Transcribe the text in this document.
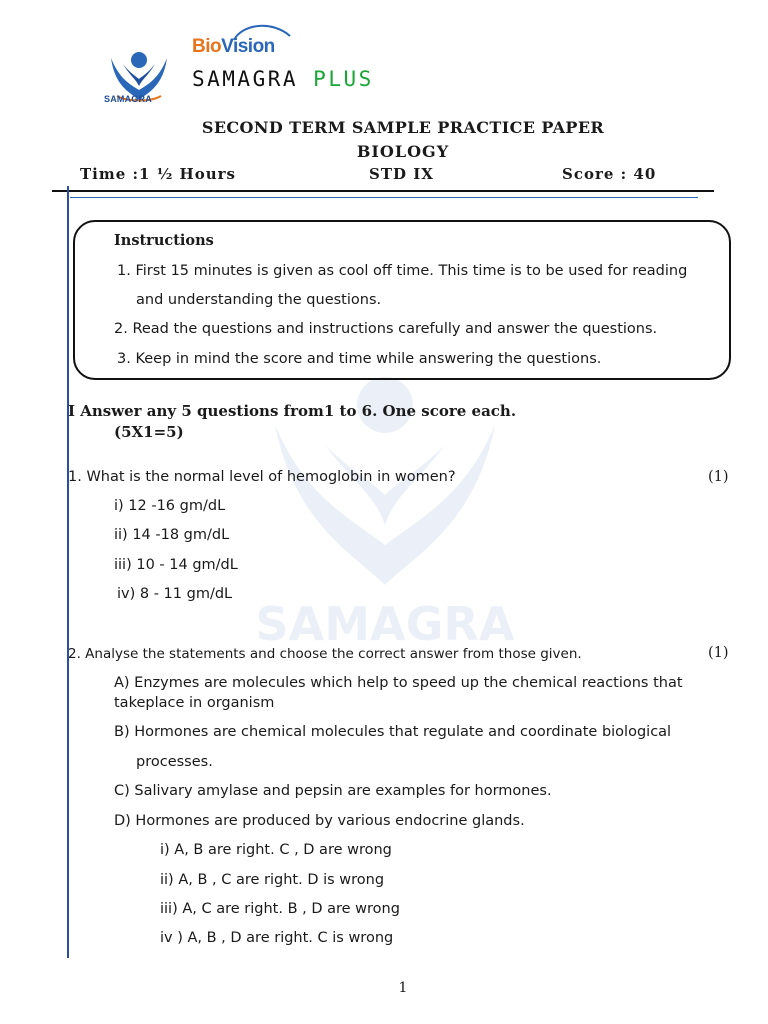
SAMAGRA
SAMAGRA
BioVision
SAMAGRA PLUS
SECOND TERM SAMPLE PRACTICE PAPER
BIOLOGY
Time :1 ½ Hours	STD IX	Score : 40
Instructions
1. First 15 minutes is given as cool off time. This time is to be used for reading
and understanding the questions.
2. Read the questions and instructions carefully and answer the questions.
3. Keep in mind the score and time while answering the questions.
I Answer any 5 questions from1 to 6. One score each.
(5X1=5)
1. What is the normal level of hemoglobin in women?	(1)
i) 12 -16 gm/dL
ii) 14 -18 gm/dL
iii) 10 - 14 gm/dL
iv) 8 - 11 gm/dL
2. Analyse the statements and choose the correct answer from those given.	(1)
A) Enzymes are molecules which help to speed up the chemical reactions that
takeplace in organism
B) Hormones are chemical molecules that regulate and coordinate biological
processes.
C) Salivary amylase and pepsin are examples for hormones.
D) Hormones are produced by various endocrine glands.
i) A, B are right. C , D are wrong
ii) A, B , C are right. D is wrong
iii) A, C are right. B , D are wrong
iv ) A, B , D are right. C is wrong
1
